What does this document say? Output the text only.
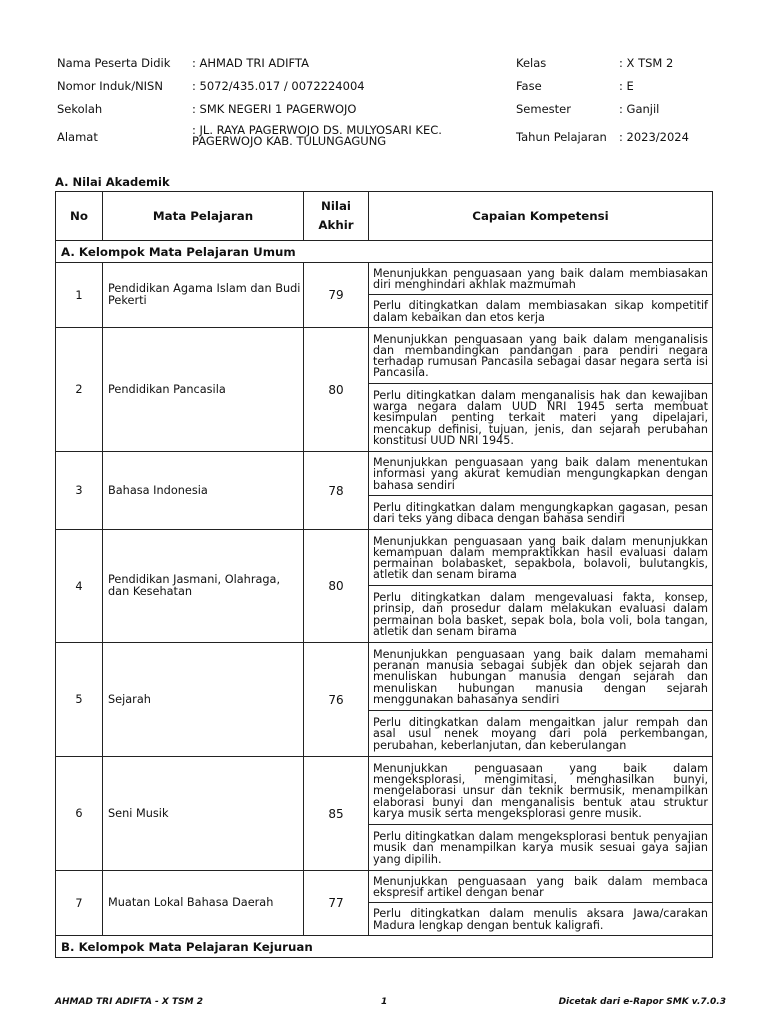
Nama Peserta Didik : AHMAD TRI ADIFTA
Nomor Induk/NISN	: 5072/435.017 / 0072224004
Sekolah	: SMK NEGERI 1 PAGERWOJO
Alamat	: JL. RAYA PAGERWOJO DS. MULYOSARI KEC.
PAGERWOJO KAB. TULUNGAGUNG
Kelas	: X TSM 2
Fase	: E
Semester	: Ganjil
Tahun Pelajaran : 2023/2024
A. Nilai Akademik
No	Mata Pelajaran	Nilai Akhir	Capaian Kompetensi
A. Kelompok Mata Pelajaran Umum			
1	Pendidikan Agama Islam dan Budi Pekerti	79	Menunjukkan penguasaan yang baik dalam membiasakan diri menghindari akhlak mazmumah
			Perlu ditingkatkan dalam membiasakan sikap kompetitif dalam kebaikan dan etos kerja
2	Pendidikan Pancasila	80	Menunjukkan penguasaan yang baik dalam menganalisis dan membandingkan pandangan para pendiri negara terhadap rumusan Pancasila sebagai dasar negara serta isi Pancasila.
			Perlu ditingkatkan dalam menganalisis hak dan kewajiban warga negara dalam UUD NRI 1945 serta membuat kesimpulan penting terkait materi yang dipelajari, mencakup definisi, tujuan, jenis, dan sejarah perubahan konstitusi UUD NRI 1945.
3	Bahasa Indonesia	78	Menunjukkan penguasaan yang baik dalam menentukan informasi yang akurat kemudian mengungkapkan dengan bahasa sendiri
			Perlu ditingkatkan dalam mengungkapkan gagasan, pesan dari teks yang dibaca dengan bahasa sendiri
4	Pendidikan Jasmani, Olahraga, dan Kesehatan	80	Menunjukkan penguasaan yang baik dalam menunjukkan kemampuan dalam mempraktikkan hasil evaluasi dalam permainan bolabasket, sepakbola, bolavoli, bulutangkis, atletik dan senam birama
			Perlu ditingkatkan dalam mengevaluasi fakta, konsep, prinsip, dan prosedur dalam melakukan evaluasi dalam permainan bola basket, sepak bola, bola voli, bola tangan, atletik dan senam birama
5	Sejarah	76	Menunjukkan penguasaan yang baik dalam memahami peranan manusia sebagai subjek dan objek sejarah dan menuliskan hubungan manusia dengan sejarah dan menuliskan hubungan manusia dengan sejarah menggunakan bahasanya sendiri
			Perlu ditingkatkan dalam mengaitkan jalur rempah dan asal usul nenek moyang dari pola perkembangan, perubahan, keberlanjutan, dan keberulangan
6	Seni Musik	85	Menunjukkan penguasaan yang baik dalam mengeksplorasi, mengimitasi, menghasilkan bunyi, mengelaborasi unsur dan teknik bermusik, menampilkan elaborasi bunyi dan menganalisis bentuk atau struktur karya musik serta mengeksplorasi genre musik.
			Perlu ditingkatkan dalam mengeksplorasi bentuk penyajian musik dan menampilkan karya musik sesuai gaya sajian yang dipilih.
7	Muatan Lokal Bahasa Daerah	77	Menunjukkan penguasaan yang baik dalam membaca ekspresif artikel dengan benar
			Perlu ditingkatkan dalam menulis aksara Jawa/carakan Madura lengkap dengan bentuk kaligrafi.
B. Kelompok Mata Pelajaran Kejuruan			
AHMAD TRI ADIFTA - X TSM 2	1	Dicetak dari e-Rapor SMK v.7.0.3
